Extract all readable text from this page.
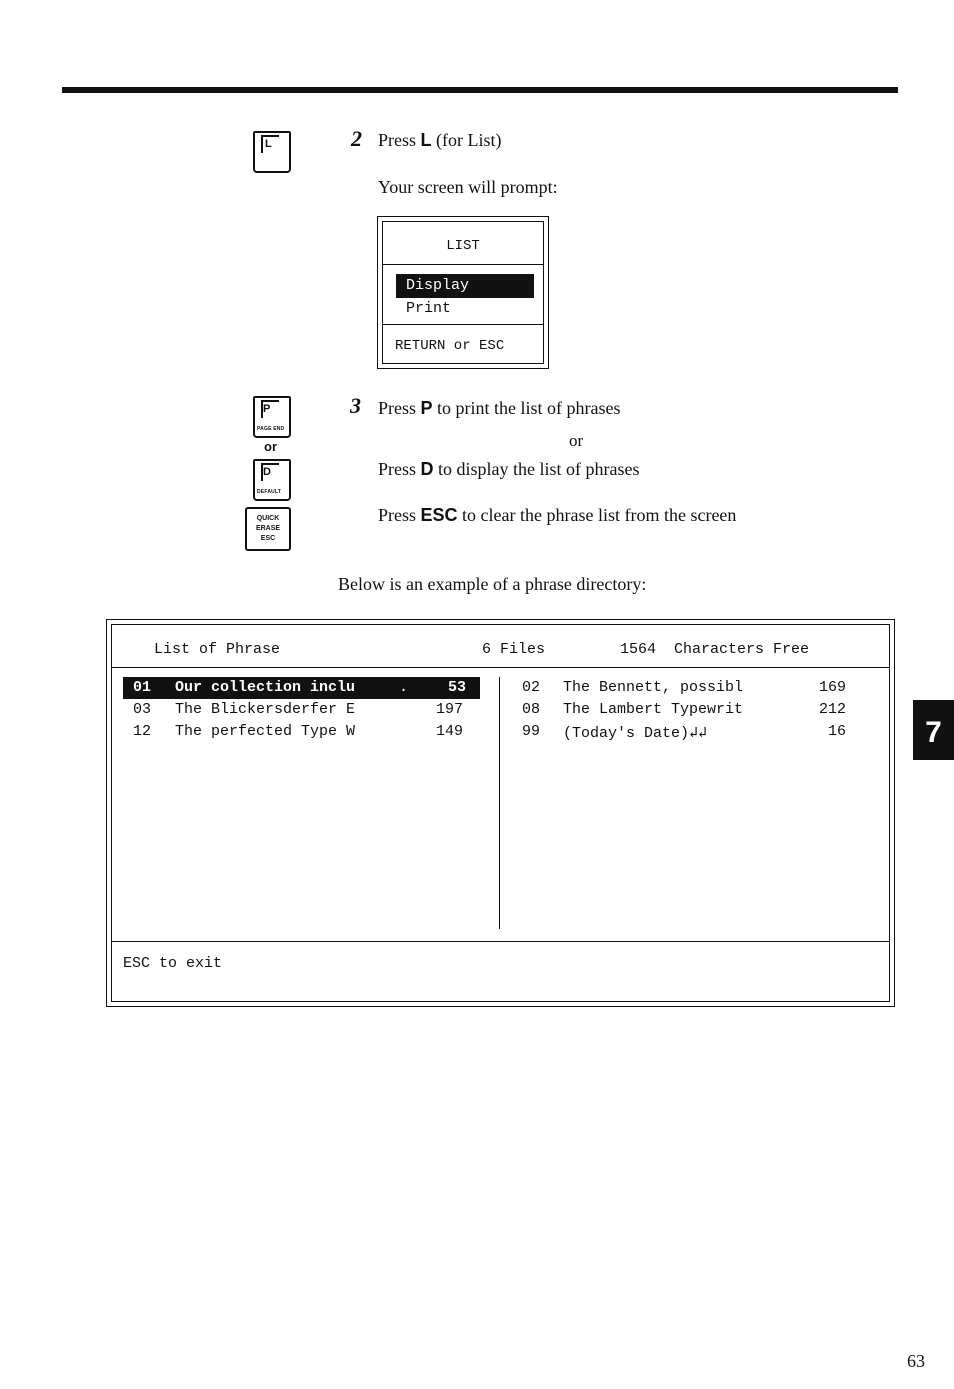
L	2 Press L (for List)
Your screen will prompt:
LIST
Display
Print
RETURN or ESC
P
PAGE END
or
D
DEFAULT
QUICK
ERASE
ESC
3 Press P to print the list of phrases
or
Press D to display the list of phrases
Press ESC to clear the phrase list from the screen
Below is an example of a phrase directory:
List of Phrase	6 Files	1564  Characters Free
01 Our collection inclu	.	53
03 The Blickersderfer E	197
12 The perfected Type W	149
02 The Bennett, possibl	169
08 The Lambert Typewrit	212
99 (Today's Date)↲↲	16
ESC to exit
7
63
